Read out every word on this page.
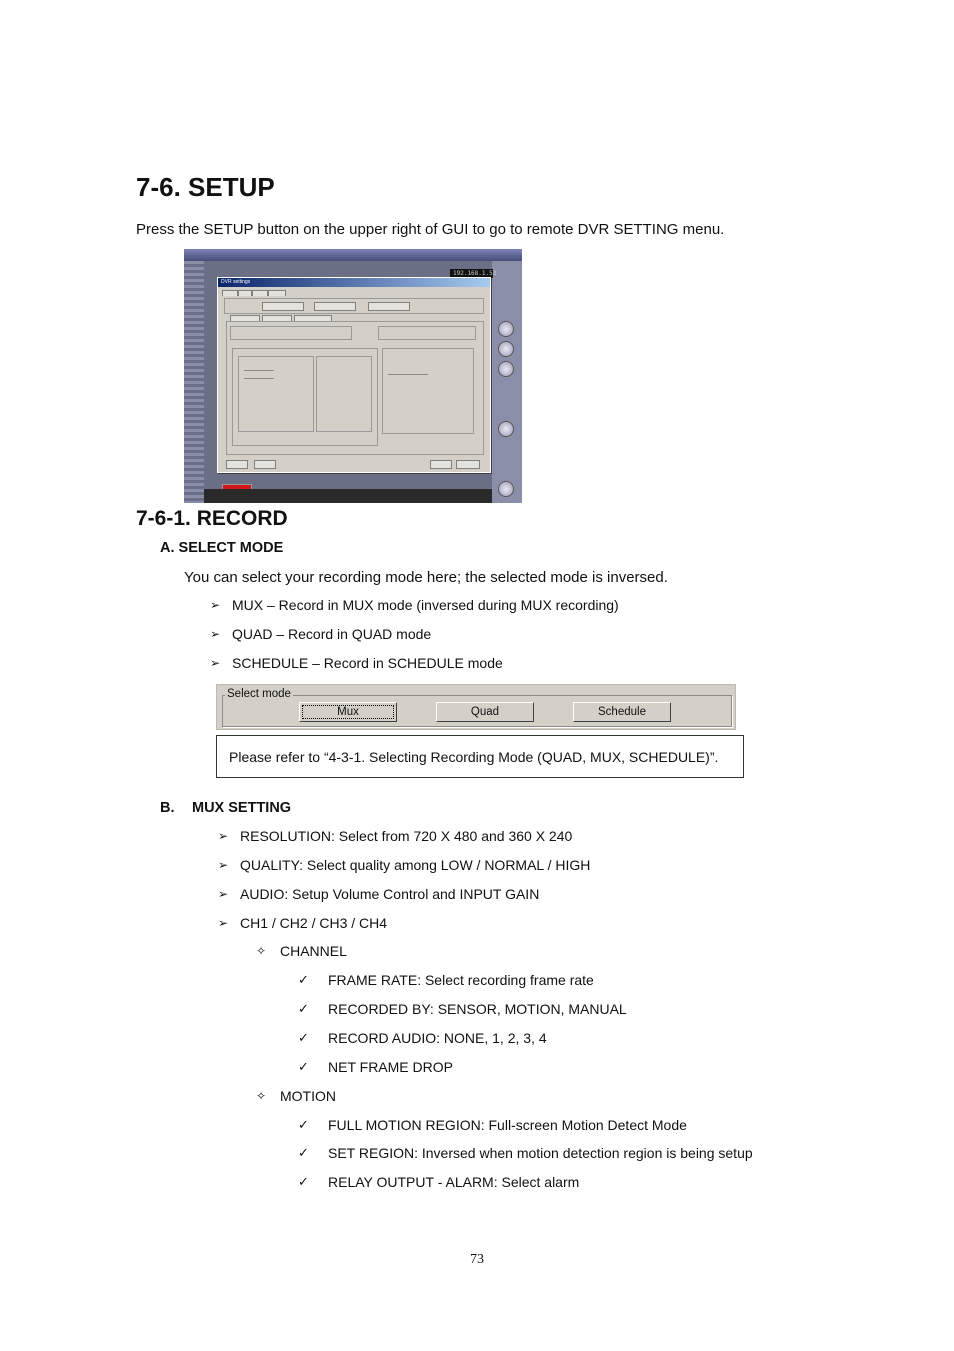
7-6. SETUP
Press the SETUP button on the upper right of GUI to go to remote DVR SETTING menu.
192.168.1.53
DVR settings
7-6-1. RECORD
A. SELECT MODE
You can select your recording mode here; the selected mode is inversed.
➢ MUX – Record in MUX mode (inversed during MUX recording)
➢ QUAD – Record in QUAD mode
➢ SCHEDULE – Record in SCHEDULE mode
Select mode
Mux	Quad	Schedule
Please refer to “4-3-1. Selecting Recording Mode (QUAD, MUX, SCHEDULE)”.
B. MUX SETTING
➢ RESOLUTION: Select from 720 X 480 and 360 X 240
➢ QUALITY: Select quality among LOW / NORMAL / HIGH
➢ AUDIO: Setup Volume Control and INPUT GAIN
➢ CH1 / CH2 / CH3 / CH4
✧ CHANNEL
✓	FRAME RATE: Select recording frame rate
✓	RECORDED BY: SENSOR, MOTION, MANUAL
✓	RECORD AUDIO: NONE, 1, 2, 3, 4
✓	NET FRAME DROP
✧ MOTION
✓	FULL MOTION REGION: Full-screen Motion Detect Mode
✓	SET REGION: Inversed when motion detection region is being setup
✓	RELAY OUTPUT - ALARM: Select alarm
73
